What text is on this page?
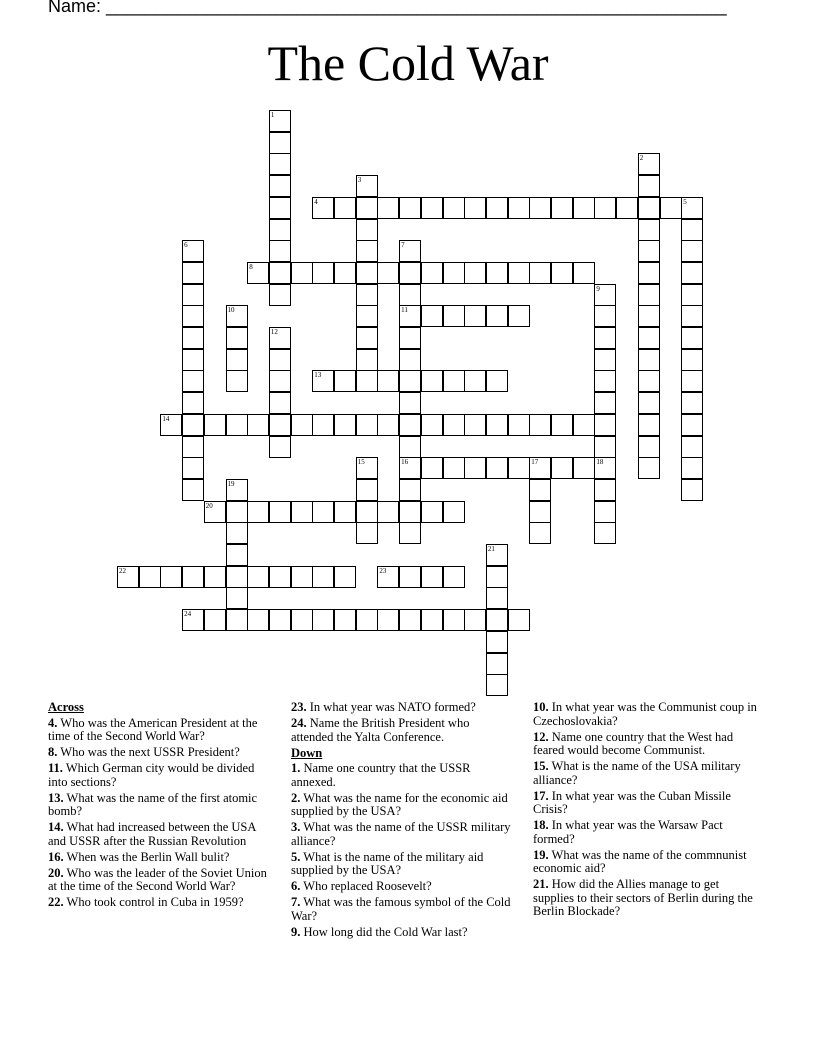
Name: ______________________________________________________________
The Cold War
1
2
3
4	5
6	7
11
16
8
9
18
10
12
13
14
15	17
19
20
21
22	23
24
Across
4. Who was the American President at the time of the Second World War?
8. Who was the next USSR President?
11. Which German city would be divided into sections?
13. What was the name of the first atomic bomb?
14. What had increased between the USA and USSR after the Russian Revolution
16. When was the Berlin Wall bulit?
20. Who was the leader of the Soviet Union at the time of the Second World War?
22. Who took control in Cuba in 1959?
23. In what year was NATO formed?
24. Name the British President who attended the Yalta Conference.
Down
1. Name one country that the USSR annexed.
2. What was the name for the economic aid supplied by the USA?
3. What was the name of the USSR military alliance?
5. What is the name of the military aid supplied by the USA?
6. Who replaced Roosevelt?
7. What was the famous symbol of the Cold War?
9. How long did the Cold War last?
10. In what year was the Communist coup in Czechoslovakia?
12. Name one country that the West had feared would become Communist.
15. What is the name of the USA military alliance?
17. In what year was the Cuban Missile Crisis?
18. In what year was the Warsaw Pact formed?
19. What was the name of the commnunist economic aid?
21. How did the Allies manage to get supplies to their sectors of Berlin during the Berlin Blockade?
